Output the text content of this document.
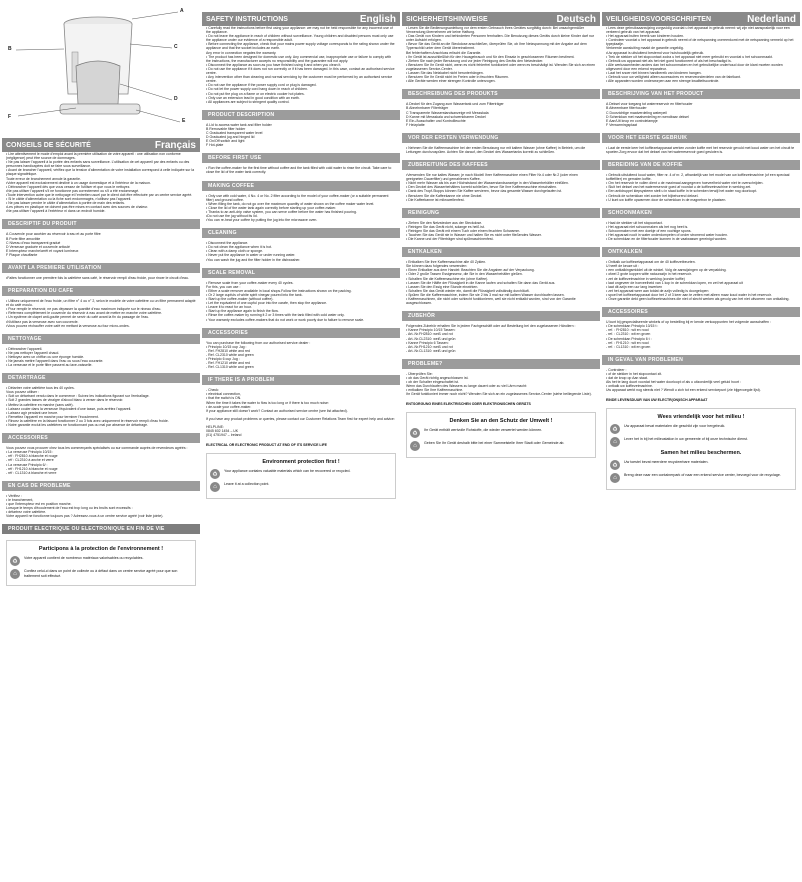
A
B	C
D
E
F
CONSEILS DE SÉCURITÉ	Français

• Lire attentivement le mode d'emploi avant la première utilisation de votre appareil : une utilisation non conforme (négligence) peut être source de dommages.
• Ne pas laisser l'appareil à la portée des enfants sans surveillance. L'utilisation de cet appareil par des enfants ou des personnes handicapées doit se faire sous surveillance.
• Avant de brancher l'appareil, vérifiez que la tension d'alimentation de votre installation correspond à celle indiquée sur la plaque signalétique.
Toute erreur de branchement annule la garantie.
•Votre appareil est exclusivement destiné à un usage domestique et à l'intérieur de la maison.
• Débrancher l'appareil dès que vous cessez de l'utiliser et que vous le nettoyez.
•Ne pas utiliser l'appareil s'il ne fonctionne pas correctement ou s'il a été endommagé.
•Toute intervention autre que le nettoyage et l'entretien usuel par le client doit être effectuée par un centre service agréé.
• Si le câble d'alimentation ou la fiche sont endommagés, n'utilisez pas l'appareil.
• Ne pas laisser pendre le câble d'alimentation à portée de main des enfants.
•Les pièces en plastique ne doivent pas être mises en contact avec des sources de chaleur.
•Ne pas utiliser l'appareil à l'extérieur ni dans un endroit humide.

DESCRIPTIF DU PRODUIT

A Couvercle pour accéder au réservoir à eau et au porte filtre
B Porte filtre amovible
C Niveau d'eau transparent gradué
D Verseuse graduée et couvercle articulé
E Interrupteur marche/arrêt et voyant lumineux
F Plaque chauffante

AVANT LA PREMIERE UTILISATION

•Faites fonctionner une première fois la cafetière sans café, le réservoir rempli d'eau froide, pour rincer le circuit d'eau.

PREPARATION DU CAFE

• Utilisez uniquement de l'eau froide, un filtre n° 4 ou n° 2, selon le modèle de votre cafetière ou un filtre permanent adapté et du café moulu.
• Pour remplir le réservoir, ne pas dépasser la quantité d'eau maximum indiquée sur le niveau d'eau.
• Refermez complètement le couvercle du réservoir à eau avant de mettre en marche votre cafetière.
• Un système de clapet anti-goutte permet de servir du café avant la fin du passage de l'eau.
•N'utilisez pas la verseuse avec son couvercle.
•Vous pouvez réchauffer votre café en mettant la verseuse au four micro-ondes.

NETTOYAGE

• Débrancher l'appareil.
• Ne pas nettoyer l'appareil chaud.
• Nettoyez avec un chiffon ou une éponge humide.
• Ne jamais mettre l'appareil dans l'eau ou sous l'eau courante.
• La verseuse et le porte filtre passent au lave-vaisselle.

DETARTRAGE

• Détartrer votre cafetière tous les 40 cycles.
Vous pouvez utiliser :
• Soit un détartrant vendu dans le commerce : Suivez les indications figurant sur l'emballage.
• Soit 2 grandes tasses de vinaigre d'alcool blanc à verser dans le réservoir.
• Mettez la cafetière en marche (sans café).
• Laissez couler dans la verseuse l'équivalent d'une tasse, puis arrêtez l'appareil.
• Laissez agir pendant une heure.
• Remettez l'appareil en marche pour terminer l'écoulement.
• Rincez la cafetière en la faisant fonctionner 2 ou 3 fois avec uniquement le réservoir rempli d'eau froide.
• Notre garantie exclut les cafetières ne fonctionnant pas ou mal par absence de détartrage.

ACCESSOIRES

Vous pouvez vous procurer chez tous les commerçants spécialisés ou sur commande auprès de revendeurs agréés :
• La verseuse Principio 10/15 :
- réf : FH2810 à blanche et rouge
- réf : CL2310 à anche et verre
• La verseuse Principio 6/ :
- réf : FH1210 à blanche et rouge
- réf : CL1310 à blanche et verre

EN CAS DE PROBLEME

• Vérifiez :
• le branchement,
• que l'interrupteur est en position marche.
Lorsque le temps d'écoulement de l'eau est trop long ou les bruits sont excessifs :
• détartrez votre cafetière.
Votre appareil ne fonctionne toujours pas ? Adressez-vous à un centre service agréé (voir liste jointe).

PRODUIT ELECTRIQUE OU ELECTRONIQUE EN FIN DE VIE
Participons à la protection de l'environnement !
♻
Votre appareil contient de nombreux matériaux valorisables ou recyclables.
⌂	Confiez celui-ci dans un point de collecte ou à défaut dans un centre service agréé pour que son traitement soit effectué.
SAFETY INSTRUCTIONS	English

• Carefully read the instructions before first using your appliance: we may not be held responsible for any incorrect use of the appliance.
• Do not leave the appliance in reach of children without surveillance. Young children and disabled persons must only use the appliance under our evidence of a responsible adult.
• Before connecting the appliance, check that your mains power supply voltage corresponds to the rating shown under the appliance and that the socket includes an earth.
Any error in connection negates the warranty.
• The product has been designed for domestic use only. Any commercial use, inappropriate use or failure to comply with the instructions, the manufacturer accepts no responsibility and the guarantee will not apply.
• Disconnect the appliance as soon as you have finished using it and when you clean it.
• Do not use the appliance if it does not run correctly or if it has been damaged. In this case, contact an authorised service centre.
• Any intervention other than cleaning and normal servicing by the customer must be performed by an authorised service centre.
• Do not use the appliance if the power supply cord or plug is damaged.
• Do not let the power supply cord hang down in reach of children.
• Do not put the plug on a flame or on electric cooker hot plates.
• Only use an extension lead in good condition with an earth.
• All appliances are subject to stringent quality control.

PRODUCT DESCRIPTION

A Lid to access water tank and filter holder
B Removable filter holder
C Graduated transparent water level
D Graduated jug and hinged lid
E On/Off switch and light
F Hot-plate

BEFORE FIRST USE

• Run the coffee-maker for the first time without coffee and the tank filled with cold water to rinse the circuit. Take care to close the lid of the water tank correctly.

MAKING COFFEE

• Only use with cold water, 4 No. 4 or No. 2 filter according to the model of your coffee-maker (or a suitable permanent filter) and ground coffee.
• When filling the tank, do not go over the maximum quantity of water shown on the coffee maker water level.
• Close the lid of the water tank again correctly before starting up your coffee-maker.
• Thanks to an anti-drip valve system, you can serve coffee before the water has finished pouring.
•Do not use the jug without its lid.
•You can re-heat your coffee by putting the jug into the microwave oven.

CLEANING

• Disconnect the appliance.
• Do not clean the appliance when it is hot.
• Clean with a damp cloth or sponge.
• Never put the appliance in water or under running water.
•You can wash the jug and the filter holder in the dishwasher.

SCALE REMOVAL

• Remove scale from your coffee-maker every 40 cycles.
For this, you can use :
• Either a scale remover available in local shops.Follow the instructions shown on the packing.
• Or 2 large cupfuls of white spirit vinegar poured into the tank.
• Start up the coffee-maker (without coffee).
• Let the equivalent of one cupful pour into the carafe, then stop the appliance.
• Leave it to react for an hour.
• Start up the appliance again to finish the flow.
• Rinse the coffee-maker by running it 2 or 3 times with the tank filled with cold water only.
• Your warranty excludes coffee-makers that do not work or work poorly due to failure to remove scale.

ACCESSORIES

You can purchase the following from our authorised service dealer :
• Principio 10/15 cup Jug :
- Ref. FH2810 white and red
- Ref. CL2310 white and green
• Principio 6 cup Jug :
- Ref. FH1210 white and red
- Ref. CL1310 white and green

IF THERE IS A PROBLEM

- Check:
• electrical connection,
• that the switch is ON.
When the time it takes the water to flow is too long or if there is too much noise:
• de-scale your coffee-maker.
If your appliance still doesn't work? Contact an authorised service centre (see list attached).

If you have any product problems or queries, please contact our Customer Relations Team first for expert help and advice:

HELPLINE:
0845 602 1454 – UK
(01) 4751947 – Ireland

ELECTRICAL OR ELECTRONIC PRODUCT AT END OF ITS SERVICE LIFE

Environment protection first !
♻
Your appliance contains valuable materials which can be recovered or recycled.
⌂	Leave it at a collection point.
SICHERHEITSHINWEISE	Deutsch

• Lesen Sie die Bedienungsanleitung vor dem ersten Gebrauch Ihres Gerätes sorgfältig durch: Bei unsachgemäßer Verwendung übernehmen wir keine Haftung.
• Das Gerät von Kindern und behinderten Personen fernhalten. Die Benutzung dieses Geräts durch kleine Kinder darf nur unter Aufsicht erfolgen.
• Bevor Sie das Gerät an die Steckdose anschließen, überprüfen Sie, ob Ihre Netzspannung mit der Angabe auf dem Typenschild unter dem Gerät übereinstimmt.
Bei fehlerhaftem Anschluss erlischt die Garantie.
• Ihr Gerät ist ausschließlich für den Hausgebrauch und für den Einsatz in geschlossenen Räumen bestimmt.
• Ziehen Sie nach jeder Benutzung und vor jeder Reinigung des Geräts den Netzstecker.
• Benutzen Sie Ihr Gerät nicht, wenn es nicht fehlerfrei funktioniert oder wenn es beschädigt ist. Wenden Sie sich an einen zugelassenen Service-Center.
• Lassen Sie das Netzkabel nicht herunterhängen.
• Benutzen Sie Ihr Gerät nicht im Freien oder in feuchten Räumen.
• Alle Geräte werden einer strengen Kontrolle unterzogen.

BESCHREIBUNG DES PRODUKTS

A Deckel für den Zugang zum Wassertank und zum Filterträger
B Abnehmbarer Filterträger
C Transparente Wasserstandsanzeige mit Messskala
D Kanne mit Messskala und schwenkbarem Deckel
E Ein-/Ausschalter und Kontrollleuchte
F Heizplatte

VOR DER ERSTEN VERWENDUNG

• Nehmen Sie die Kaffeemaschine bei der ersten Benutzung nur mit kaltem Wasser (ohne Kaffee) in Betrieb, um die Leitungen durchzuspülen. Achten Sie darauf, den Deckel des Wassertanks korrekt zu schließen.

ZUBEREITUNG DES KAFFEES

•Verwenden Sie nur kaltes Wasser, je nach Modell Ihrer Kaffeemaschine einen Filter Nr.4 oder Nr.2 (oder einen geeigneten Dauerfilter) und gemahlenen Kaffee.
• Nicht mehr Wasser als bis zum Höchststand der Wasserstandsanzeige in den Wasserbehälter einfüllen.
• Den Deckel des Wasserbehälters korrekt schließen, bevor Sie Ihre Kaffeemaschine einschalten.
• Dank des Tropf-Stopps können Sie Kaffee servieren, bevor das gesamte Wasser durchgelaufen ist.
• Benutzen Sie die Kaffeekanne nie ohne Deckel.
• Die Kaffeekanne ist mikrowellenfest.

REINIGUNG

• Ziehen Sie den Netzstecker aus der Steckdose.
• Reinigen Sie das Gerät nicht, solange es heiß ist.
• Reinigen Sie das Gerät mit einem Tuch oder einem feuchten Schwamm.
• Tauchen Sie das Gerät nie in Wasser und halten Sie es nicht unter fließendes Wasser.
• Die Kanne und der Filterträger sind spülmaschinenfest.

ENTKALKEN

• Entkalken Sie Ihre Kaffeemaschine alle 40 Zyklen.
Sie können dazu folgendes verwenden:
• Einen Entkalker aus dem Handel: Beachten Sie die Angaben auf der Verpackung.
• Oder 2 große Tassen Essigessenz, die Sie in den Wasserbehälter gießen.
• Schalten Sie die Kaffeemaschine ein (ohne Kaffee).
• Lassen Sie die Hälfte der Flüssigkeit in die Kanne laufen und schalten Sie dann das Gerät aus.
• Lassen Sie den Essig eine Stunde einwirken.
• Schalten Sie das Gerät wieder ein, damit die Flüssigkeit vollständig durchläuft.
• Spülen Sie die Kaffeemaschine, indem Sie sie 2 bis 3 mal nur mit kaltem Wasser durchlaufen lassen.
• Kaffeemaschinen, die nicht oder schlecht funktionieren, weil sie nicht entkalkt wurden, sind von der Garantie ausgeschlossen.

ZUBEHÖR

Folgendes Zubehör erhalten Sie in jedem Fachgeschäft oder auf Bestellung bei den zugelassenen Händlern :
• Kanne Principio 10/15 Tassen:
- Art.-Nr.FH2810: weiß und rot
- Art.-Nr.CL2310: weiß und grün
• Kanne Principio 6 Tassen:
- Art.-Nr.FH1210: weiß und rot
- Art.-Nr.CL1310: weiß und grün

PROBLEME?

- Überprüfen Sie:
• ob das Gerät richtig angeschlossen ist.
• ob der Schalter eingeschaltet ist.
Wenn das Durchlaufen des Wassers zu lange dauert oder zu viel Lärm macht:
• entkalken Sie Ihre Kaffeemaschine.
Ihr Gerät funktioniert immer noch nicht? Wenden Sie sich an ein zugelassenes Service-Center (siehe beiliegende Liste).

ENTSORGUNG EINES ELEKTRISCHEN ODER ELEKTRONISCHEN GERÄTS

Denken Sie an den Schutz der Umwelt !
♻
Ihr Gerät enthält wertvolle Rohstoffe, die wieder verwertet werden können.
⌂	Geben Sie Ihr Gerät deshalb bitte bei einer Sammelstelle Ihrer Stadt oder Gemeinde ab.
VEILIGHEIDSVOORSCHRIFTEN	Nederland

• Lees deze gebruiksaanwijzing zorgvuldig voordat u het apparaat in gebruik neemt: wij zijn niet aansprakelijk voor een verkeerd gebruik van het apparaat.
• Het apparaat buiten bereik van kinderen houden.
• Controleer voordat u het apparaat in gebruik neemt of de netspanning overeenkomt met de netspanning vermeld op het typeplaatje.
Verkeerde aansluiting maakt de garantie ongeldig.
•Uw apparaat is uitsluitend bestemd voor huishoudelijk gebruik.
• Trek de stekker uit het stopcontact zodra u het apparaat niet meer gebruikt en voordat u het schoonmaakt.
• Gebruik uw apparaat niet als het niet goed functioneert of als het beschadigd is.
• Alle werkzaamheden anders dan het schoonmaken en het gebruikelijke onderhoud door de klant moeten worden uitgevoerd door een erkend reparateur.
• Laat het snoer niet binnen handbereik van kinderen hangen.
• Gebruik voor uw veiligheid alleen accessoires en reserveonderdelen van de fabrikant.
• Alle apparaten worden onderworpen aan een strenge kwaliteitscontrole.

BESCHRIJVING VAN HET PRODUCT

A Deksel voor toegang tot waterreservoir en filterhouder
B Afneembare filterhouder
C Doorzichtige maatverdeling waterpeil
D Schenkkan met maatverdeling en wendbaar deksel
E Aan/Uit knop en controlelampje
F Verwarmingsplaat

VOOR HET EERSTE GEBRUIK

• Laat de eerste keer het koffiezetapparaat werken zonder koffie met het reservoir gevuld met koud water om het circuit te spoelen.Zorg ervoor dat het deksel van het waterreservoir goed gesloten is.

BEREIDING VAN DE KOFFIE

• Gebruik uitsluitend koud water, filter nr. 4 of nr. 2, afhankelijk van het model van uw koffiezetmachine (of een speciaal koffiefilter) en gemalen koffie.
• Om het reservoir te vullen dient u de maximaal aangegeven hoeveelheid water niet te overschrijden.
• Sluit het deksel van het waterreservoir goed af voordat u de koffiezetmachine in werking zet.
• Een antidruppel klepsysteem stelt u in staat koffie in te schenken terwijl het water nog doorloopt.
• Gebruik de schenkkan niet zonder het bijbehorend deksel.
• U kunt uw koffie opwarmen door de schenkkan in de magnetron te plaatsen.

SCHOONMAKEN

• Haal de stekker uit het stopcontact.
• Het apparaat niet schoonmaken als het nog heet is.
• Schoonmaken met een doekje of een vochtige spons.
• Het apparaat nooit in water onderdompelen of onder stromend water houden.
• De schenkkan en de filterhouder kunnen in de vaatwasser gereinigd worden.

ONTKALKEN

• Ontkalk uw koffiezetapparaat om de 40 koffiezetbeurten.
U heeft de keuze uit :
• een ontkalkingsmiddel uit de winkel. Volg de aanwijzingen op de verpakking.
• ofwel 2 grote koppen witte natuurazijn in het reservoir.
• zet de koffiezetmachine in werking (zonder koffie)
• laat ongeveer de hoeveelheid van 1 kop in de schenkkan lopen, en zet het apparaat uit
• laat dit azijn een uur lang inwerken
• zet het apparaat weer aan totdat de azijn volledig is doorgelopen
• spoel het koffiezetapparaat door het 2 of 3 keer aan te zetten met alleen maar koud water in het reservoir.
• Onze garantie dekt geen koffiezetmachines die niet of slecht werken als gevolg van het niet uitvoeren van ontkalking.

ACCESSOIRES

U kunt bij gespecialiseerde winkels of op bestelling bij er kende verkooppunten het volgende aanschaffen :
• De schenkkan Principio 10/15 t :
- ref. : FH2810 : wit en rood
- ref. : CL2310 : wit en groen
• De schenkkan Principio 6 t :
- ref. : FH1210 : wit en rood
- ref. : CL1310 : wit en groen

IN GEVAL VAN PROBLEMEN

- Controleer :
• of de stekker in het stopcontact zit.
• dat de knop op Aan staat.
Als het te lang duurt voordat het water doorloopt of als u uitzonderlijk veel geluid hoort :
• ontkalk uw koffiezetmachine.
Uw apparaat werkt nog steeds niet ? Wendt u zich tot een erkend servicepunt (zie bijgevoegde lijst).

EINDE LEVENSDUUR VAN UW ELECTR(ON)ISCH APPARAAT

Wees vriendelijk voor het milieu !
♻
Uw apparaat bevat materialen die geschikt zijn voor hergebruik.
⌂	Lever het in bij het milieustation in uw gemeente of bij onze technische dienst.
Samen het milieu beschermen.
♻
Uw toestel bevat meerdere recycleerbare materialen.
⌂	Breng deze naar een containerpark of naar een erkend service center, bevoegd voor de recyclage.
